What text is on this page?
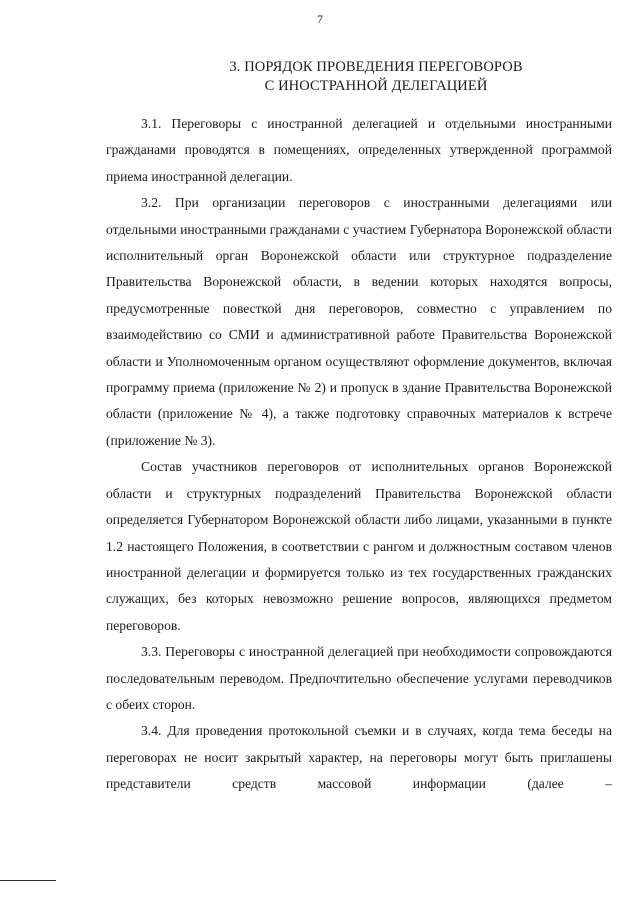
7
3. ПОРЯДОК ПРОВЕДЕНИЯ ПЕРЕГОВОРОВ
С ИНОСТРАННОЙ ДЕЛЕГАЦИЕЙ

3.1. Переговоры с иностранной делегацией и отдельными иностранными гражданами проводятся в помещениях, определенных утвержденной программой приема иностранной делегации.

3.2. При организации переговоров с иностранными делегациями или отдельными иностранными гражданами с участием Губернатора Воронежской области исполнительный орган Воронежской области или структурное подразделение Правительства Воронежской области, в ведении которых находятся вопросы, предусмотренные повесткой дня переговоров, совместно с управлением по взаимодействию со СМИ и административной работе Правительства Воронежской области и Уполномоченным органом осуществляют оформление документов, включая программу приема (приложение № 2) и пропуск в здание Правительства Воронежской области (приложение № 4), а также подготовку справочных материалов к встрече (приложение № 3).

Состав участников переговоров от исполнительных органов Воронежской области и структурных подразделений Правительства Воронежской области определяется Губернатором Воронежской области либо лицами, указанными в пункте 1.2 настоящего Положения, в соответствии с рангом и должностным составом членов иностранной делегации и формируется только из тех государственных гражданских служащих, без которых невозможно решение вопросов, являющихся предметом переговоров.

3.3. Переговоры с иностранной делегацией при необходимости сопровождаются последовательным переводом. Предпочтительно обеспечение услугами переводчиков с обеих сторон.

3.4. Для проведения протокольной съемки и в случаях, когда тема беседы на переговорах не носит закрытый характер, на переговоры могут быть приглашены представители средств массовой информации (далее –
